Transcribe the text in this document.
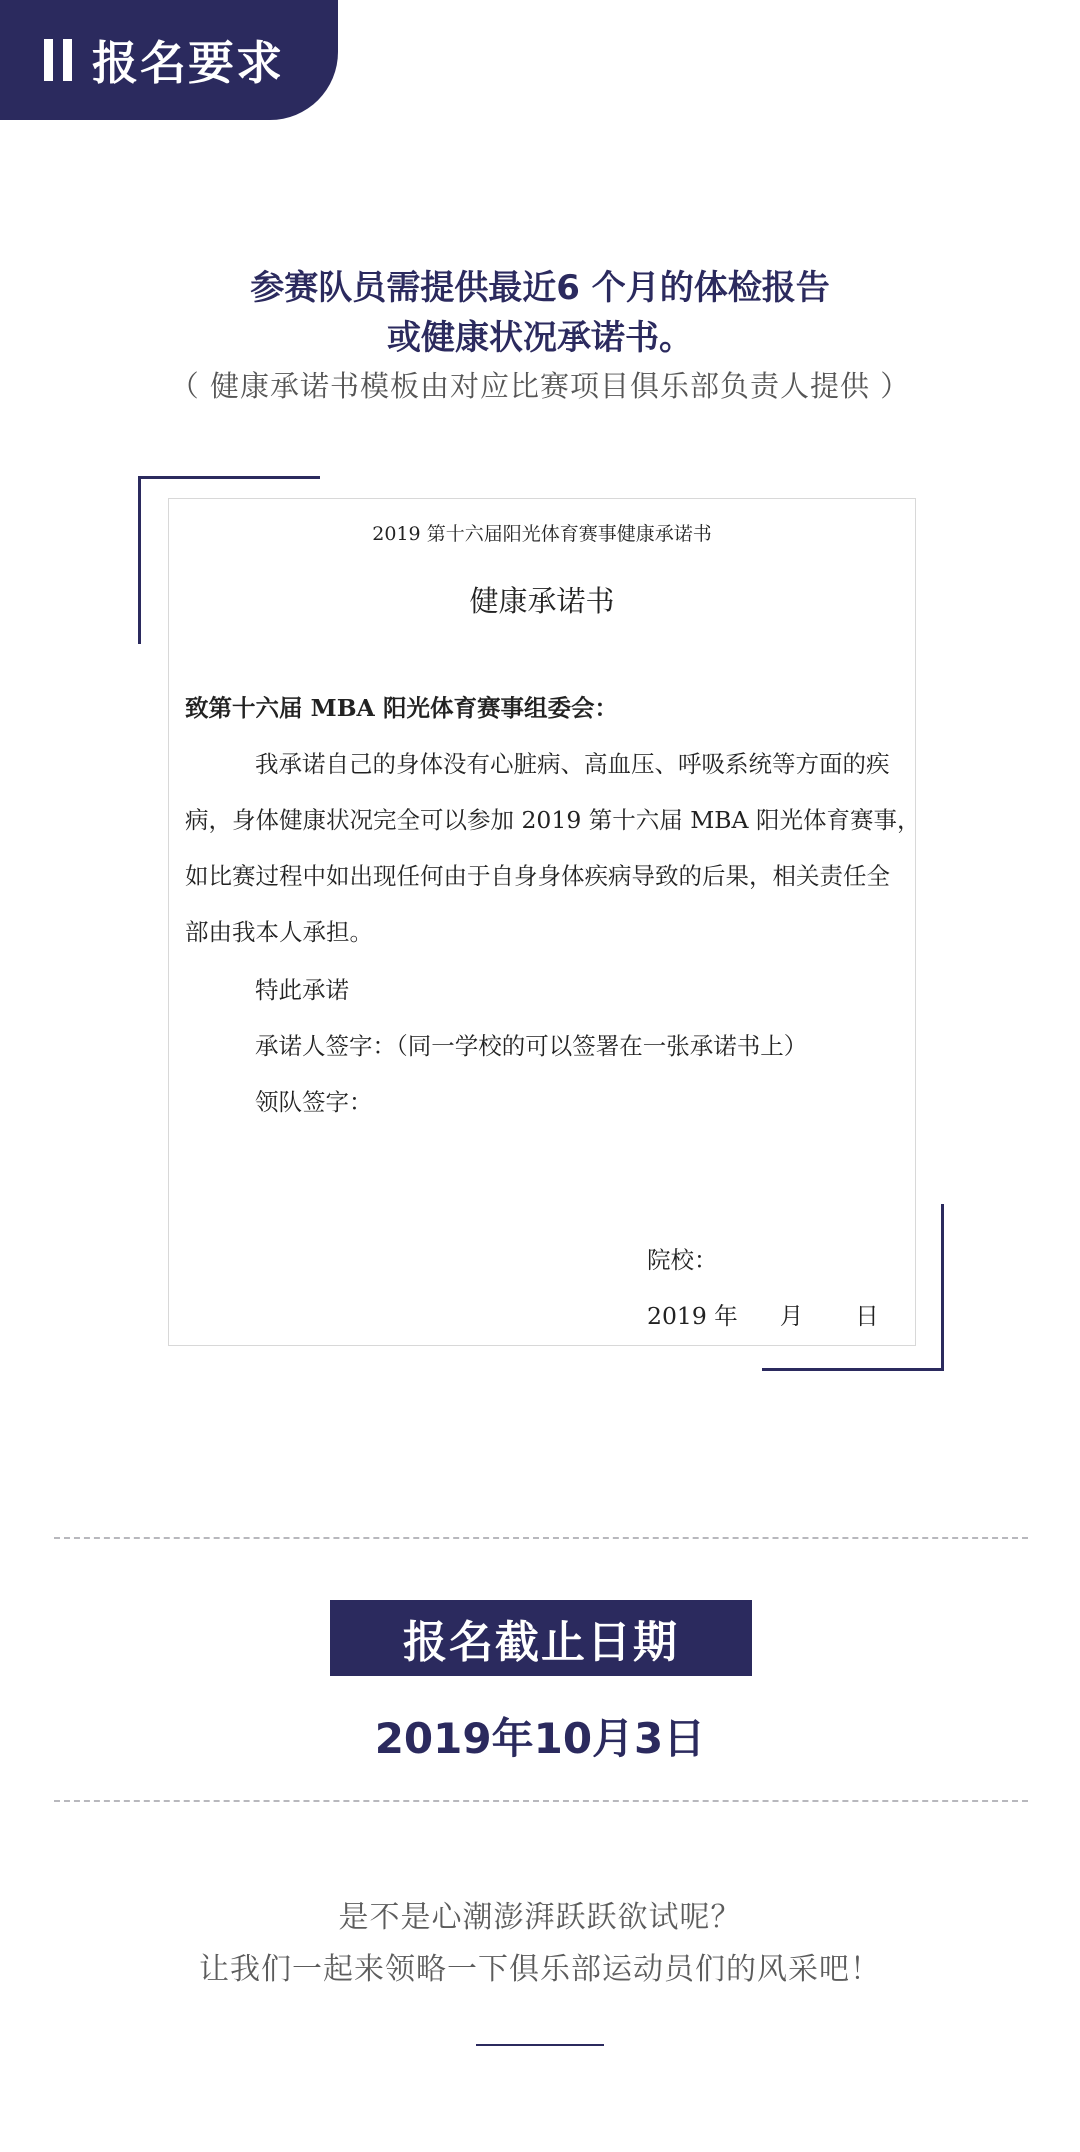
报名要求
参赛队员需提供最近6 个月的体检报告
或健康状况承诺书。
（ 健康承诺书模板由对应比赛项目俱乐部负责人提供 ）
2019 第十六届阳光体育赛事健康承诺书
健康承诺书
致第十六届 MBA 阳光体育赛事组委会：
我承诺自己的身体没有心脏病、高血压、呼吸系统等方面的疾
病，身体健康状况完全可以参加 2019 第十六届 MBA 阳光体育赛事，
如比赛过程中如出现任何由于自身身体疾病导致的后果，相关责任全
部由我本人承担。
特此承诺
承诺人签字：（同一学校的可以签署在一张承诺书上）
领队签字：
院校：
2019 年 月 日
报名截止日期
2019年10月3日
是不是心潮澎湃跃跃欲试呢？
让我们一起来领略一下俱乐部运动员们的风采吧！
